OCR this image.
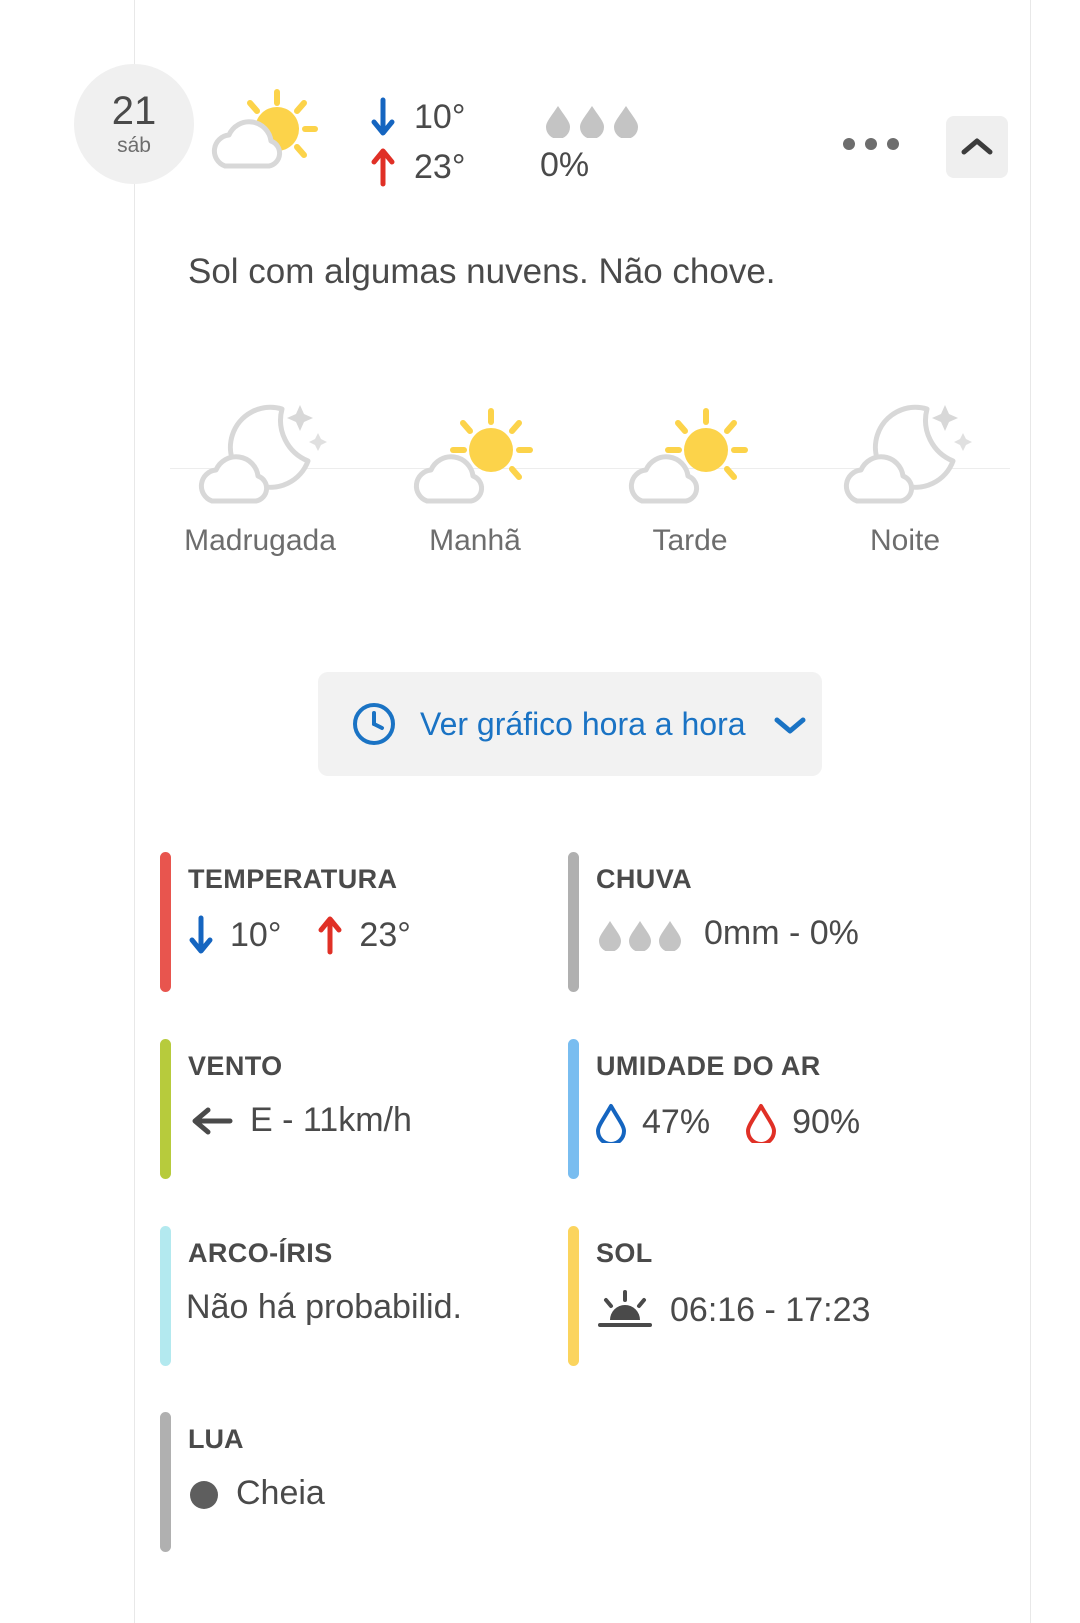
21
sáb
10°
23° 0%
Sol com algumas nuvens. Não chove.
Madrugada	Manhã	Tarde	Noite
Ver gráfico hora a hora
TEMPERATURA
10° 23°
CHUVA
0mm - 0%
VENTO
E - 11km/h
UMIDADE DO AR
47% 90%
ARCO-ÍRIS
Não há probabilid.
SOL
06:16 - 17:23
LUA
Cheia
